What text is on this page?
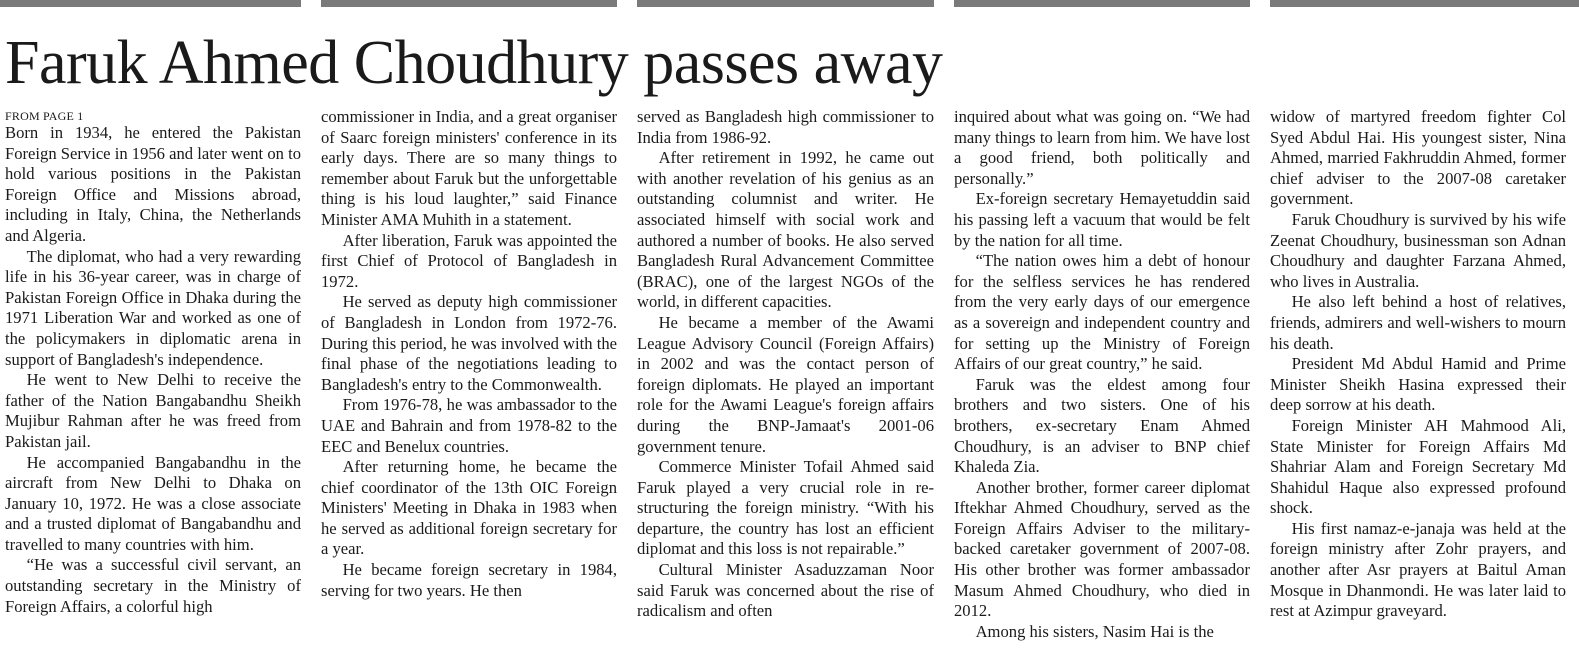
Faruk Ahmed Choudhury passes away
FROM PAGE 1

Born in 1934, he entered the Pakistan Foreign Service in 1956 and later went on to hold various positions in the Pakistan Foreign Office and Missions abroad, including in Italy, China, the Netherlands and Algeria.

The diplomat, who had a very rewarding life in his 36-year career, was in charge of Pakistan Foreign Office in Dhaka during the 1971 Liberation War and worked as one of the policymakers in diplomatic arena in support of Bangladesh's independence.

He went to New Delhi to receive the father of the Nation Bangabandhu Sheikh Mujibur Rahman after he was freed from Pakistan jail.

He accompanied Bangabandhu in the aircraft from New Delhi to Dhaka on January 10, 1972. He was a close associate and a trusted diplomat of Bangabandhu and travelled to many countries with him.

“He was a successful civil servant, an outstanding secretary in the Ministry of Foreign Affairs, a colorful high

commissioner in India, and a great organiser of Saarc foreign ministers' conference in its early days. There are so many things to remember about Faruk but the unforgettable thing is his loud laughter,” said Finance Minister AMA Muhith in a statement.

After liberation, Faruk was appointed the first Chief of Protocol of Bangladesh in 1972.

He served as deputy high commissioner of Bangladesh in London from 1972-76. During this period, he was involved with the final phase of the negotiations leading to Bangladesh's entry to the Commonwealth.

From 1976-78, he was ambassador to the UAE and Bahrain and from 1978-82 to the EEC and Benelux countries.

After returning home, he became the chief coordinator of the 13th OIC Foreign Ministers' Meeting in Dhaka in 1983 when he served as additional foreign secretary for a year.

He became foreign secretary in 1984, serving for two years. He then

served as Bangladesh high commissioner to India from 1986-92.

After retirement in 1992, he came out with another revelation of his genius as an outstanding columnist and writer. He associated himself with social work and authored a number of books. He also served Bangladesh Rural Advancement Committee (BRAC), one of the largest NGOs of the world, in different capacities.

He became a member of the Awami League Advisory Council (Foreign Affairs) in 2002 and was the contact person of foreign diplomats. He played an important role for the Awami League's foreign affairs during the BNP-Jamaat's 2001-06 government tenure.

Commerce Minister Tofail Ahmed said Faruk played a very crucial role in re-structuring the foreign ministry. “With his departure, the country has lost an efficient diplomat and this loss is not repairable.”

Cultural Minister Asaduzzaman Noor said Faruk was concerned about the rise of radicalism and often

inquired about what was going on. “We had many things to learn from him. We have lost a good friend, both politically and personally.”

Ex-foreign secretary Hemayetuddin said his passing left a vacuum that would be felt by the nation for all time.

“The nation owes him a debt of honour for the selfless services he has rendered from the very early days of our emergence as a sovereign and independent country and for setting up the Ministry of Foreign Affairs of our great country,” he said.

Faruk was the eldest among four brothers and two sisters. One of his brothers, ex-secretary Enam Ahmed Choudhury, is an adviser to BNP chief Khaleda Zia.

Another brother, former career diplomat Iftekhar Ahmed Choudhury, served as the Foreign Affairs Adviser to the military-backed caretaker government of 2007-08. His other brother was former ambassador Masum Ahmed Choudhury, who died in 2012.

Among his sisters, Nasim Hai is the

widow of martyred freedom fighter Col Syed Abdul Hai. His youngest sister, Nina Ahmed, married Fakhruddin Ahmed, former chief adviser to the 2007-08 caretaker government.

Faruk Choudhury is survived by his wife Zeenat Choudhury, businessman son Adnan Choudhury and daughter Farzana Ahmed, who lives in Australia.

He also left behind a host of relatives, friends, admirers and well-wishers to mourn his death.

President Md Abdul Hamid and Prime Minister Sheikh Hasina expressed their deep sorrow at his death.

Foreign Minister AH Mahmood Ali, State Minister for Foreign Affairs Md Shahriar Alam and Foreign Secretary Md Shahidul Haque also expressed profound shock.

His first namaz-e-janaja was held at the foreign ministry after Zohr prayers, and another after Asr prayers at Baitul Aman Mosque in Dhanmondi. He was later laid to rest at Azimpur graveyard.
